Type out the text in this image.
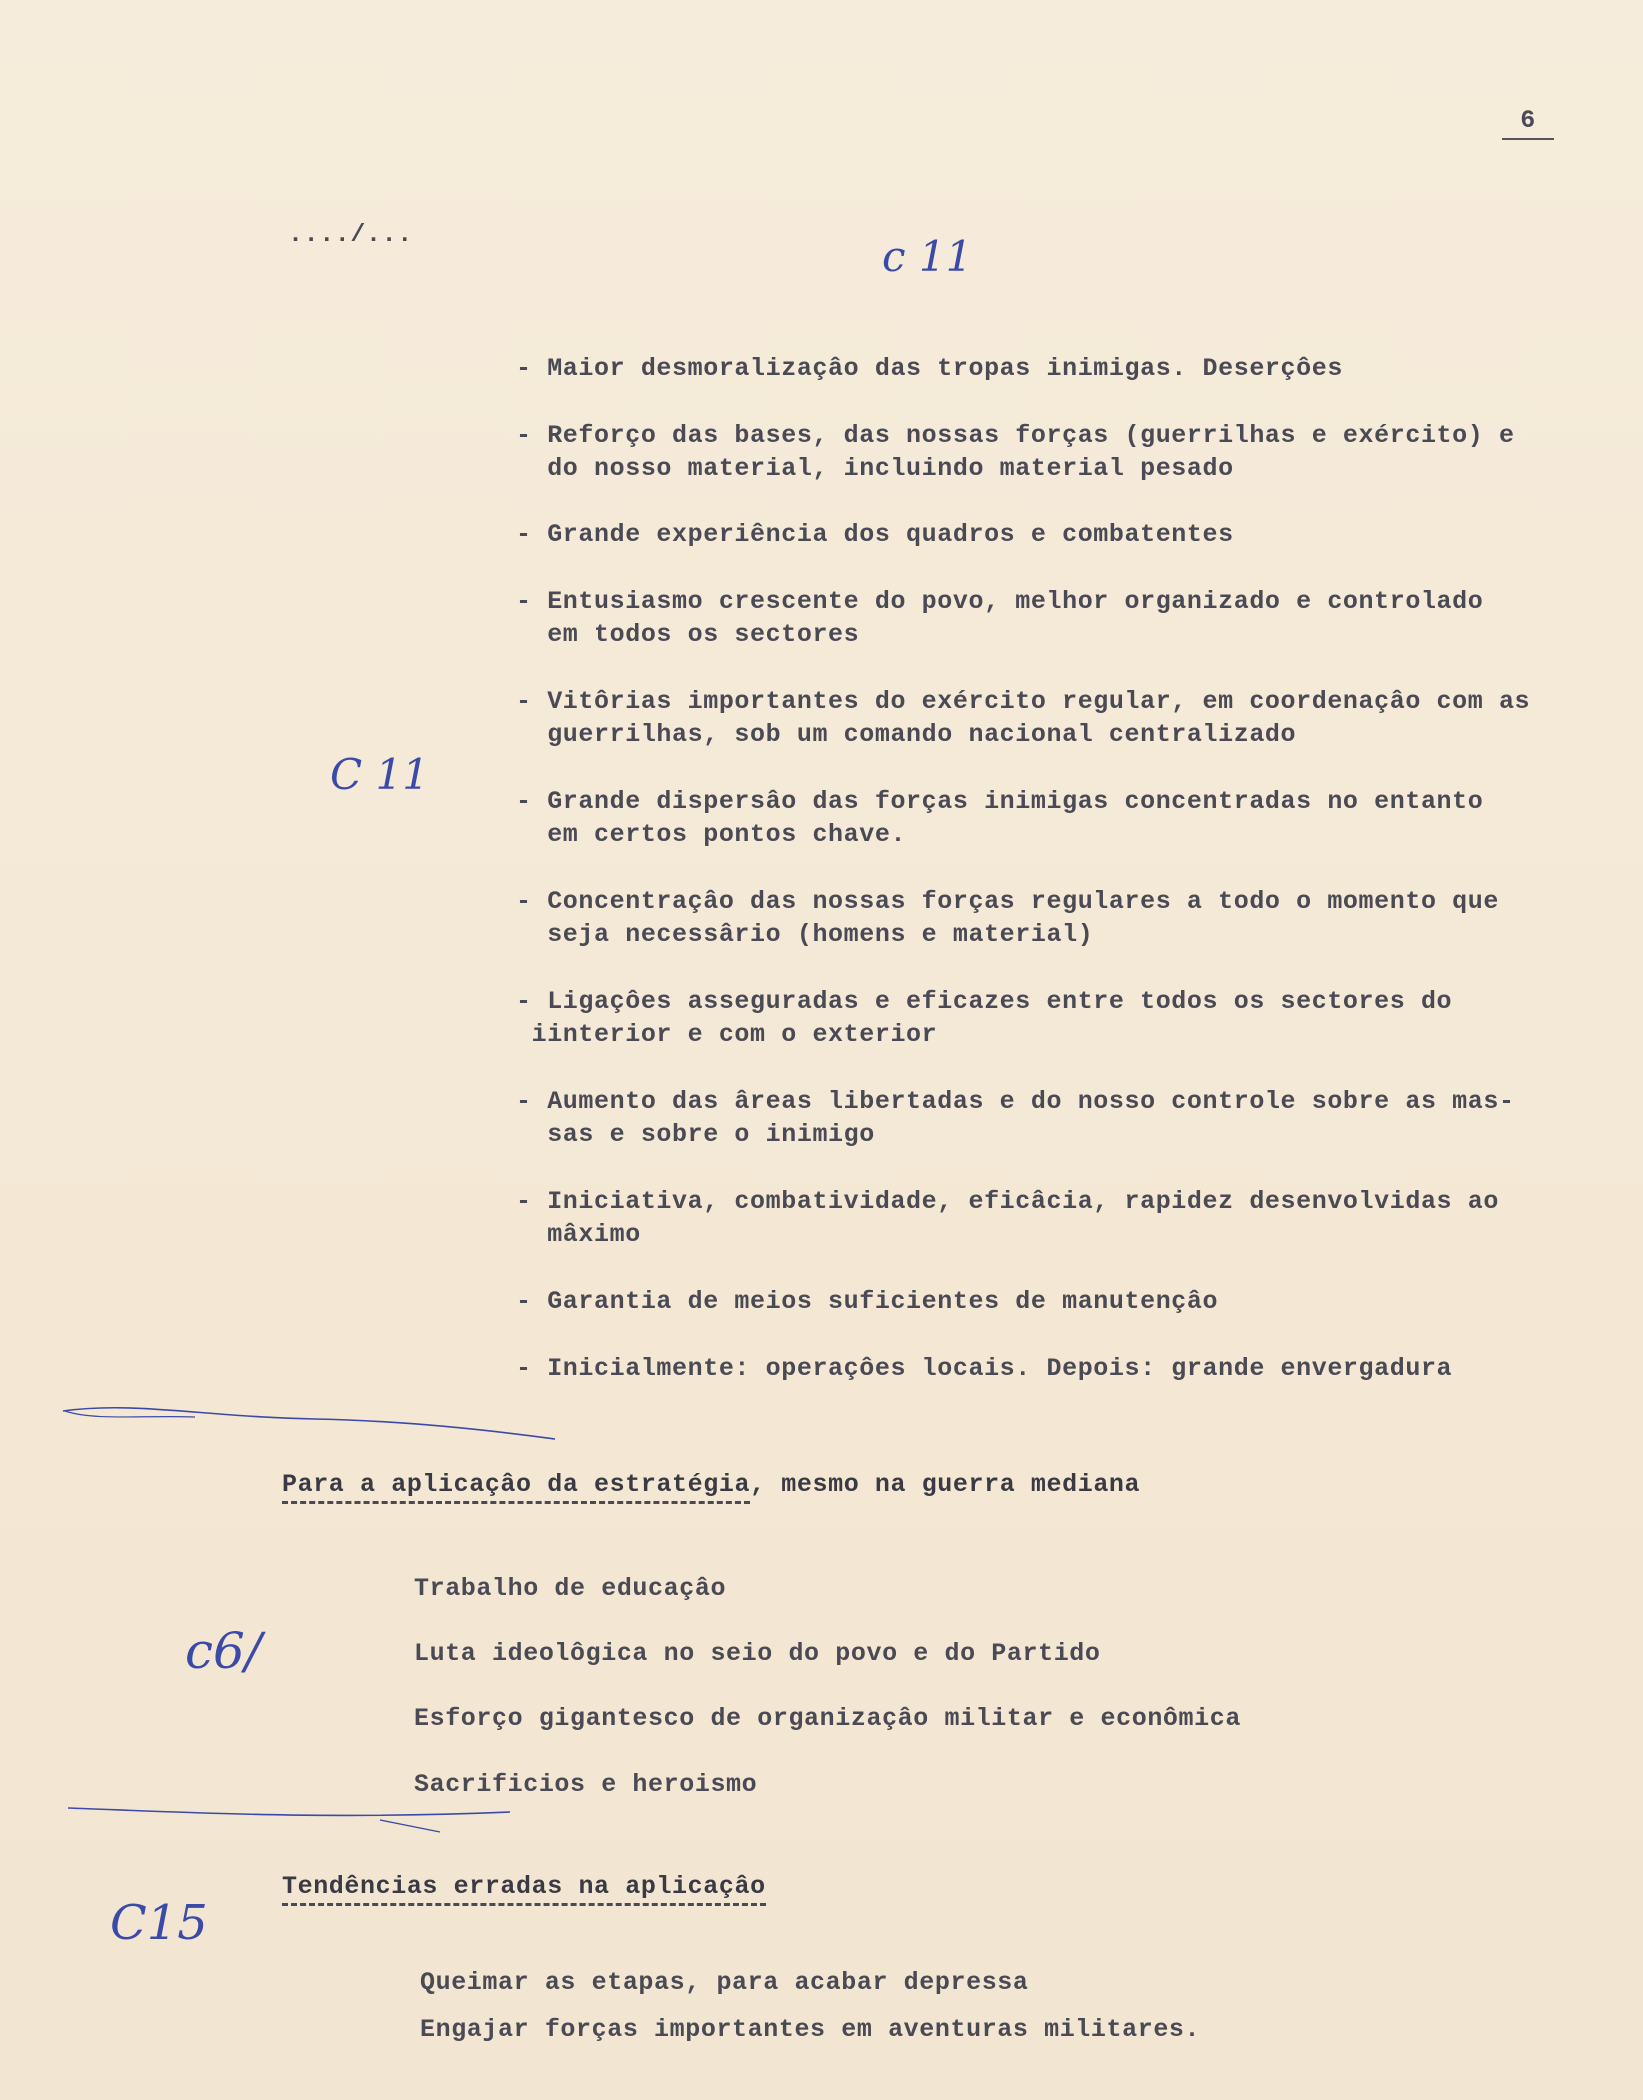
6
..../...	c 11
C 11
c6/
C15
- Maior desmoralizaçâo das tropas inimigas. Deserçôes
- Reforço das bases, das nossas forças (guerrilhas e exército) e
do nosso material, incluindo material pesado
- Grande experiência dos quadros e combatentes
- Entusiasmo crescente do povo, melhor organizado e controlado
em todos os sectores
- Vitôrias importantes do exército regular, em coordenaçâo com as
guerrilhas, sob um comando nacional centralizado
- Grande dispersâo das forças inimigas concentradas no entanto
em certos pontos chave.
- Concentraçâo das nossas forças regulares a todo o momento que
seja necessârio (homens e material)
- Ligaçôes asseguradas e eficazes entre todos os sectores do
iinterior e com o exterior
- Aumento das âreas libertadas e do nosso controle sobre as mas-
sas e sobre o inimigo
- Iniciativa, combatividade, eficâcia, rapidez desenvolvidas ao
mâximo
- Garantia de meios suficientes de manutençâo
- Inicialmente: operaçôes locais. Depois: grande envergadura
Para a aplicaçâo da estratégia, mesmo na guerra mediana
Trabalho de educaçâo
Luta ideolôgica no seio do povo e do Partido
Esforço gigantesco de organizaçâo militar e econômica
Sacrificios e heroismo
Tendências erradas na aplicaçâo
Queimar as etapas, para acabar depressa
Engajar forças importantes em aventuras militares.
